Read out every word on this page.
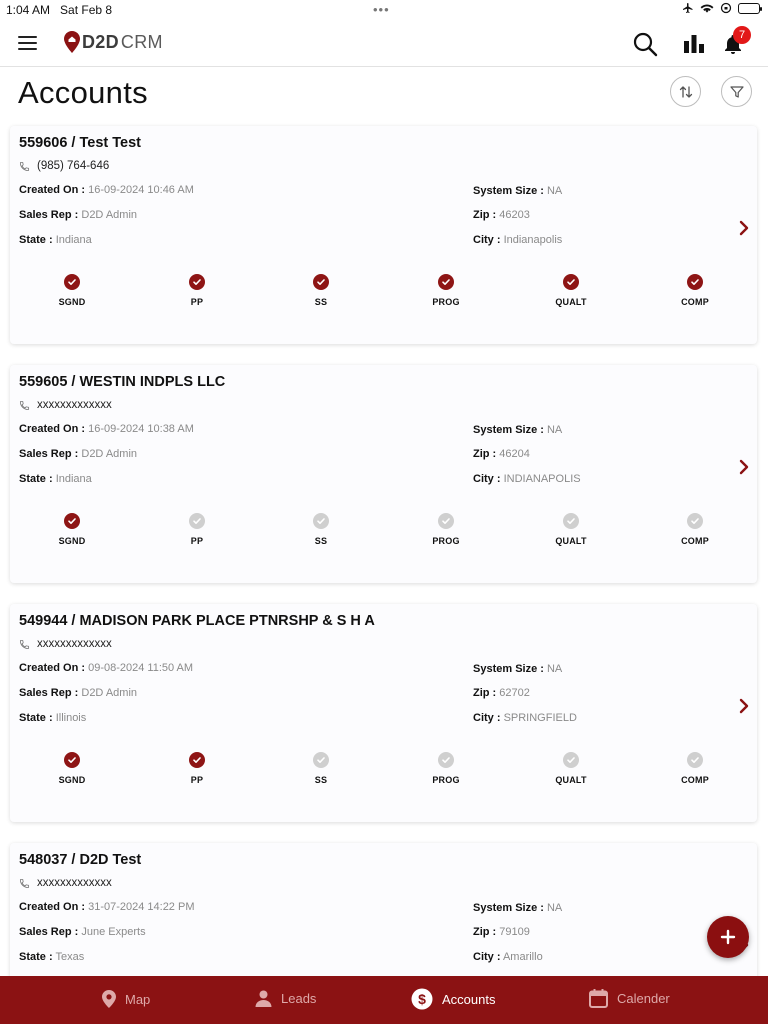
1:04 AM Sat Feb 8	•••
D2D CRM	7
Accounts
559606 / Test Test
(985) 764-646
Created On : 16-09-2024 10:46 AM
Sales Rep : D2D Admin
State : Indiana
System Size : NA
Zip : 46203
City : Indianapolis
SGND	PP	SS	PROG	QUALT	COMP
559605 / WESTIN INDPLS LLC
xxxxxxxxxxxxx
Created On : 16-09-2024 10:38 AM
Sales Rep : D2D Admin
State : Indiana
System Size : NA
Zip : 46204
City : INDIANAPOLIS
SGND	PP	SS	PROG	QUALT	COMP
549944 / MADISON PARK PLACE PTNRSHP & S H A
xxxxxxxxxxxxx
Created On : 09-08-2024 11:50 AM
Sales Rep : D2D Admin
State : Illinois
System Size : NA
Zip : 62702
City : SPRINGFIELD
SGND	PP	SS	PROG	QUALT	COMP
548037 / D2D Test
xxxxxxxxxxxxx
Created On : 31-07-2024 14:22 PM
Sales Rep : June Experts
State : Texas
System Size : NA
Zip : 79109
City : Amarillo
Map	Leads	$ Accounts	Calender
